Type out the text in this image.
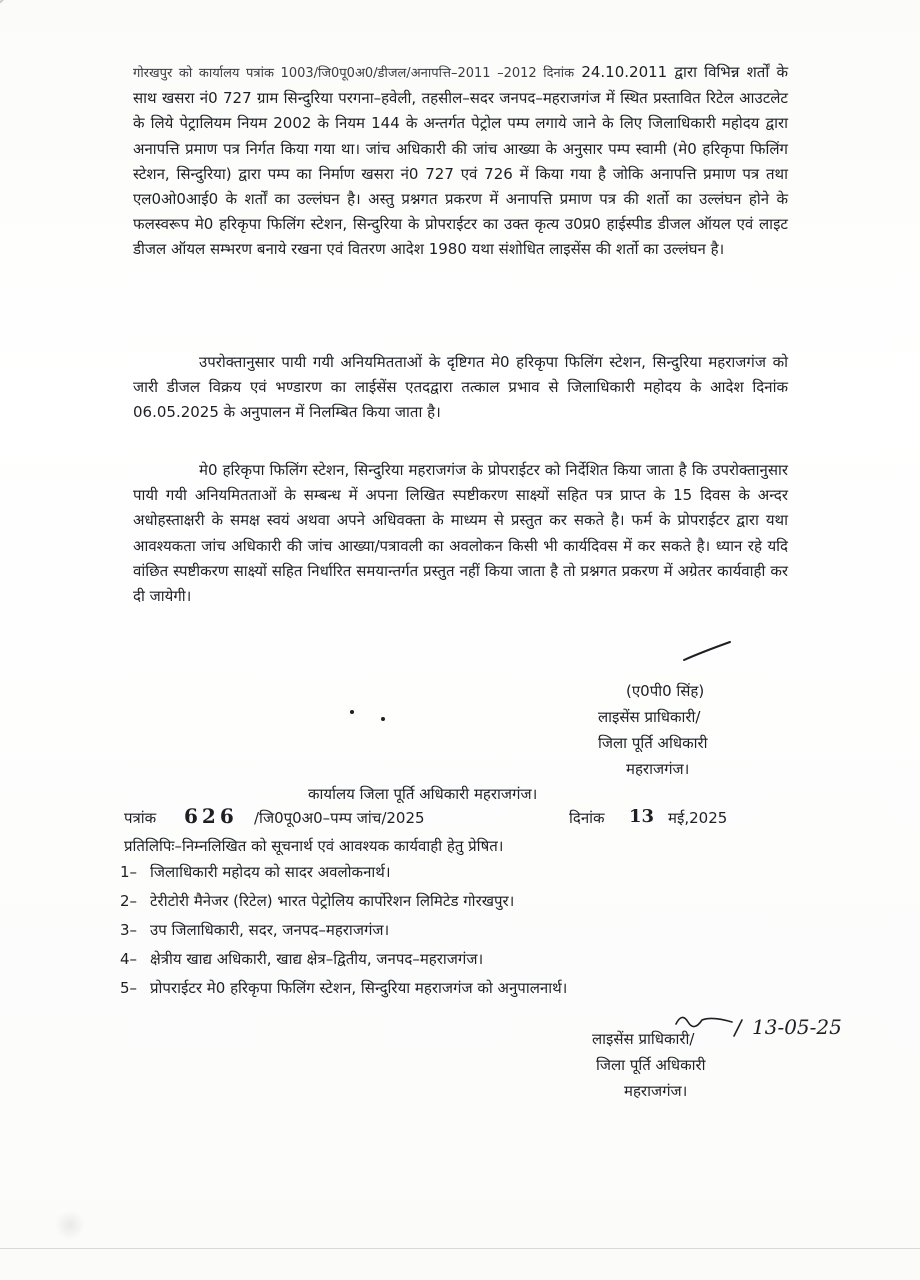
गोरखपुर को कार्यालय पत्रांक 1003/जि0पू0अ0/डीजल/अनापत्ति–2011 –2012 दिनांक 24.10.2011 द्वारा विभिन्न शर्तों के साथ खसरा नं0 727 ग्राम सिन्दुरिया परगना–हवेली, तहसील–सदर जनपद–महराजगंज में स्थित प्रस्तावित रिटेल आउटलेट के लिये पेट्रालियम नियम 2002 के नियम 144 के अन्तर्गत पेट्रोल पम्प लगाये जाने के लिए जिलाधिकारी महोदय द्वारा अनापत्ति प्रमाण पत्र निर्गत किया गया था। जांच अधिकारी की जांच आख्या के अनुसार पम्प स्वामी (मे0 हरिकृपा फिलिंग स्टेशन, सिन्दुरिया) द्वारा पम्प का निर्माण खसरा नं0 727 एवं 726 में किया गया है जोकि अनापत्ति प्रमाण पत्र तथा एल0ओ0आई0 के शर्तों का उल्लंघन है। अस्तु प्रश्नगत प्रकरण में अनापत्ति प्रमाण पत्र की शर्तो का उल्लंघन होने के फलस्वरूप मे0 हरिकृपा फिलिंग स्टेशन, सिन्दुरिया के प्रोपराईटर का उक्त कृत्य उ0प्र0 हाईस्पीड डीजल ऑयल एवं लाइट डीजल ऑयल सम्भरण बनाये रखना एवं वितरण आदेश 1980 यथा संशोधित लाइसेंस की शर्तो का उल्लंघन है।

उपरोक्तानुसार पायी गयी अनियमितताओं के दृष्टिगत मे0 हरिकृपा फिलिंग स्टेशन, सिन्दुरिया महराजगंज को जारी डीजल विक्रय एवं भण्डारण का लाईसेंस एतदद्वारा तत्काल प्रभाव से जिलाधिकारी महोदय के आदेश दिनांक 06.05.2025 के अनुपालन में निलम्बित किया जाता है।

मे0 हरिकृपा फिलिंग स्टेशन, सिन्दुरिया महराजगंज के प्रोपराईटर को निर्देशित किया जाता है कि उपरोक्तानुसार पायी गयी अनियमितताओं के सम्बन्ध में अपना लिखित स्पष्टीकरण साक्ष्यों सहित पत्र प्राप्त के 15 दिवस के अन्दर अधोहस्ताक्षरी के समक्ष स्वयं अथवा अपने अधिवक्ता के माध्यम से प्रस्तुत कर सकते है। फर्म के प्रोपराईटर द्वारा यथा आवश्यकता जांच अधिकारी की जांच आख्या/पत्रावली का अवलोकन किसी भी कार्यदिवस में कर सकते है। ध्यान रहे यदि वांछित स्पष्टीकरण साक्ष्यों सहित निर्धारित समयान्तर्गत प्रस्तुत नहीं किया जाता है तो प्रश्नगत प्रकरण में अग्रेतर कार्यवाही कर दी जायेगी।

(ए0पी0 सिंह)
लाइसेंस प्राधिकारी/
जिला पूर्ति अधिकारी
महराजगंज।
कार्यालय जिला पूर्ति अधिकारी महराजगंज।
पत्रांक 626 /जि0पू0अ0–पम्प जांच/2025	दिनांक 13 मई,2025
प्रतिलिपिः–निम्नलिखित को सूचनार्थ एवं आवश्यक कार्यवाही हेतु प्रेषित।
1– जिलाधिकारी महोदय को सादर अवलोकनार्थ।
2– टेरीटोरी मैनेजर (रिटेल) भारत पेट्रोलिय कार्पोरेशन लिमिटेड गोरखपुर।
3– उप जिलाधिकारी, सदर, जनपद–महराजगंज।
4– क्षेत्रीय खाद्य अधिकारी, खाद्य क्षेत्र–द्वितीय, जनपद–महराजगंज।
5– प्रोपराईटर मे0 हरिकृपा फिलिंग स्टेशन, सिन्दुरिया महराजगंज को अनुपालनार्थ।
13-05-25
लाइसेंस प्राधिकारी/
जिला पूर्ति अधिकारी
महराजगंज।
